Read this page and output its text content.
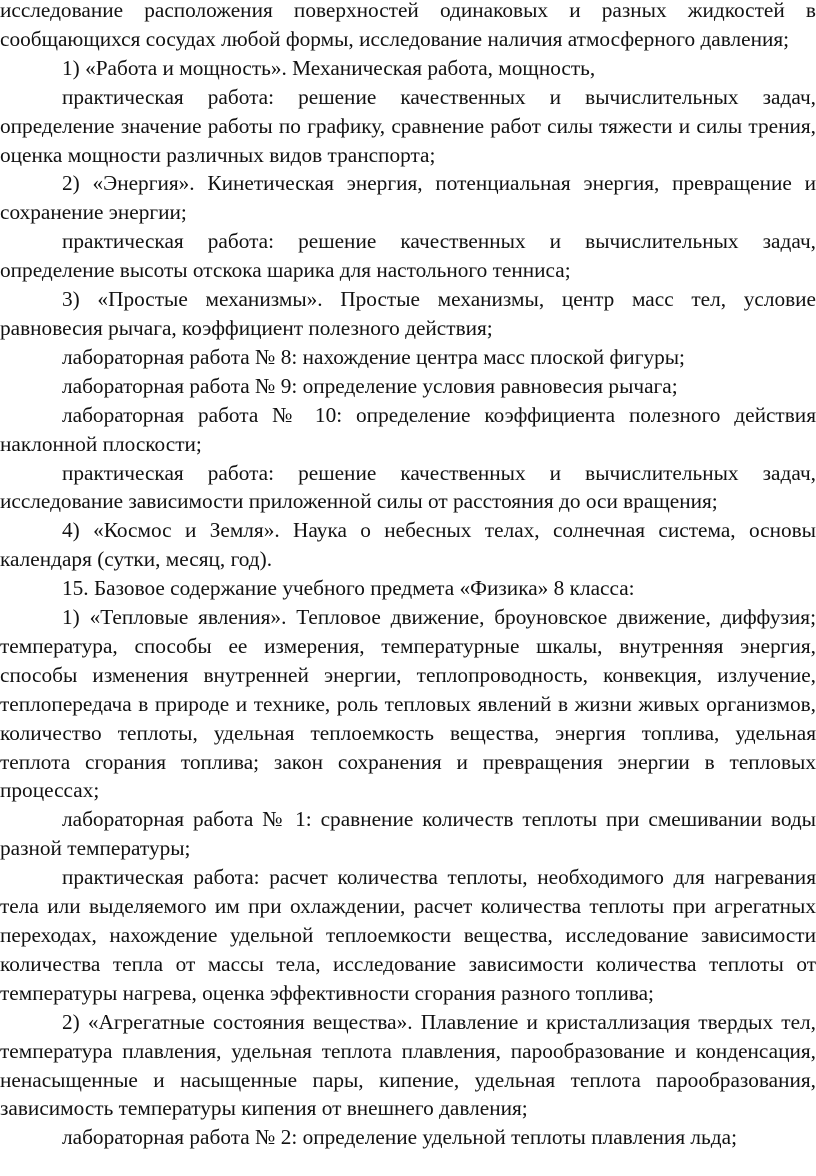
исследование расположения поверхностей одинаковых и разных жидкостей в сообщающихся сосудах любой формы, исследование наличия атмосферного давления;

1) «Работа и мощность». Механическая работа, мощность,

практическая работа: решение качественных и вычислительных задач, определение значение работы по графику, сравнение работ силы тяжести и силы трения, оценка мощности различных видов транспорта;

2) «Энергия». Кинетическая энергия, потенциальная энергия, превращение и сохранение энергии;

практическая работа: решение качественных и вычислительных задач, определение высоты отскока шарика для настольного тенниса;

3) «Простые механизмы». Простые механизмы, центр масс тел, условие равновесия рычага, коэффициент полезного действия;

лабораторная работа № 8: нахождение центра масс плоской фигуры;

лабораторная работа № 9: определение условия равновесия рычага;

лабораторная работа № 10: определение коэффициента полезного действия наклонной плоскости;

практическая работа: решение качественных и вычислительных задач, исследование зависимости приложенной силы от расстояния до оси вращения;

4) «Космос и Земля». Наука о небесных телах, солнечная система, основы календаря (сутки, месяц, год).

15. Базовое содержание учебного предмета «Физика» 8 класса:

1) «Тепловые явления». Тепловое движение, броуновское движение, диффузия; температура, способы ее измерения, температурные шкалы, внутренняя энергия, способы изменения внутренней энергии, теплопроводность, конвекция, излучение, теплопередача в природе и технике, роль тепловых явлений в жизни живых организмов, количество теплоты, удельная теплоемкость вещества, энергия топлива, удельная теплота сгорания топлива; закон сохранения и превращения энергии в тепловых процессах;

лабораторная работа № 1: сравнение количеств теплоты при смешивании воды разной температуры;

практическая работа: расчет количества теплоты, необходимого для нагревания тела или выделяемого им при охлаждении, расчет количества теплоты при агрегатных переходах, нахождение удельной теплоемкости вещества, исследование зависимости количества тепла от массы тела, исследование зависимости количества теплоты от температуры нагрева, оценка эффективности сгорания разного топлива;

2) «Агрегатные состояния вещества». Плавление и кристаллизация твердых тел, температура плавления, удельная теплота плавления, парообразование и конденсация, ненасыщенные и насыщенные пары, кипение, удельная теплота парообразования, зависимость температуры кипения от внешнего давления;

лабораторная работа № 2: определение удельной теплоты плавления льда;
